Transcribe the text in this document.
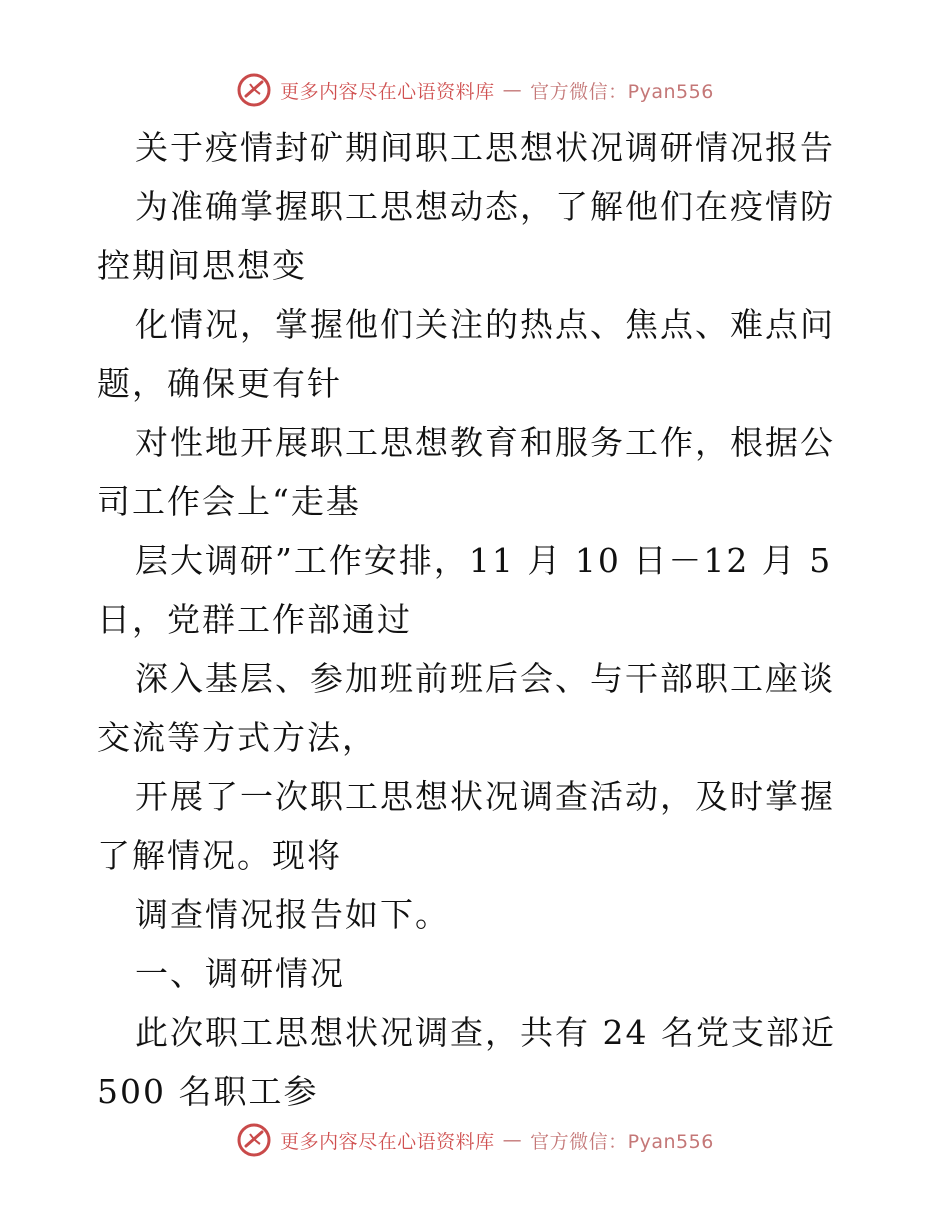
更多内容尽在心语资料库 — 官方微信：Pyan556

关于疫情封矿期间职工思想状况调研情况报告

为准确掌握职工思想动态，了解他们在疫情防控期间思想变

化情况，掌握他们关注的热点、焦点、难点问题，确保更有针

对性地开展职工思想教育和服务工作，根据公司工作会上“走基

层大调研”工作安排，11 月 10 日－12 月 5 日，党群工作部通过

深入基层、参加班前班后会、与干部职工座谈交流等方式方法，

开展了一次职工思想状况调查活动，及时掌握了解情况。现将

调查情况报告如下。

一、调研情况

此次职工思想状况调查，共有 24 名党支部近 500 名职工参

更多内容尽在心语资料库 — 官方微信：Pyan556
